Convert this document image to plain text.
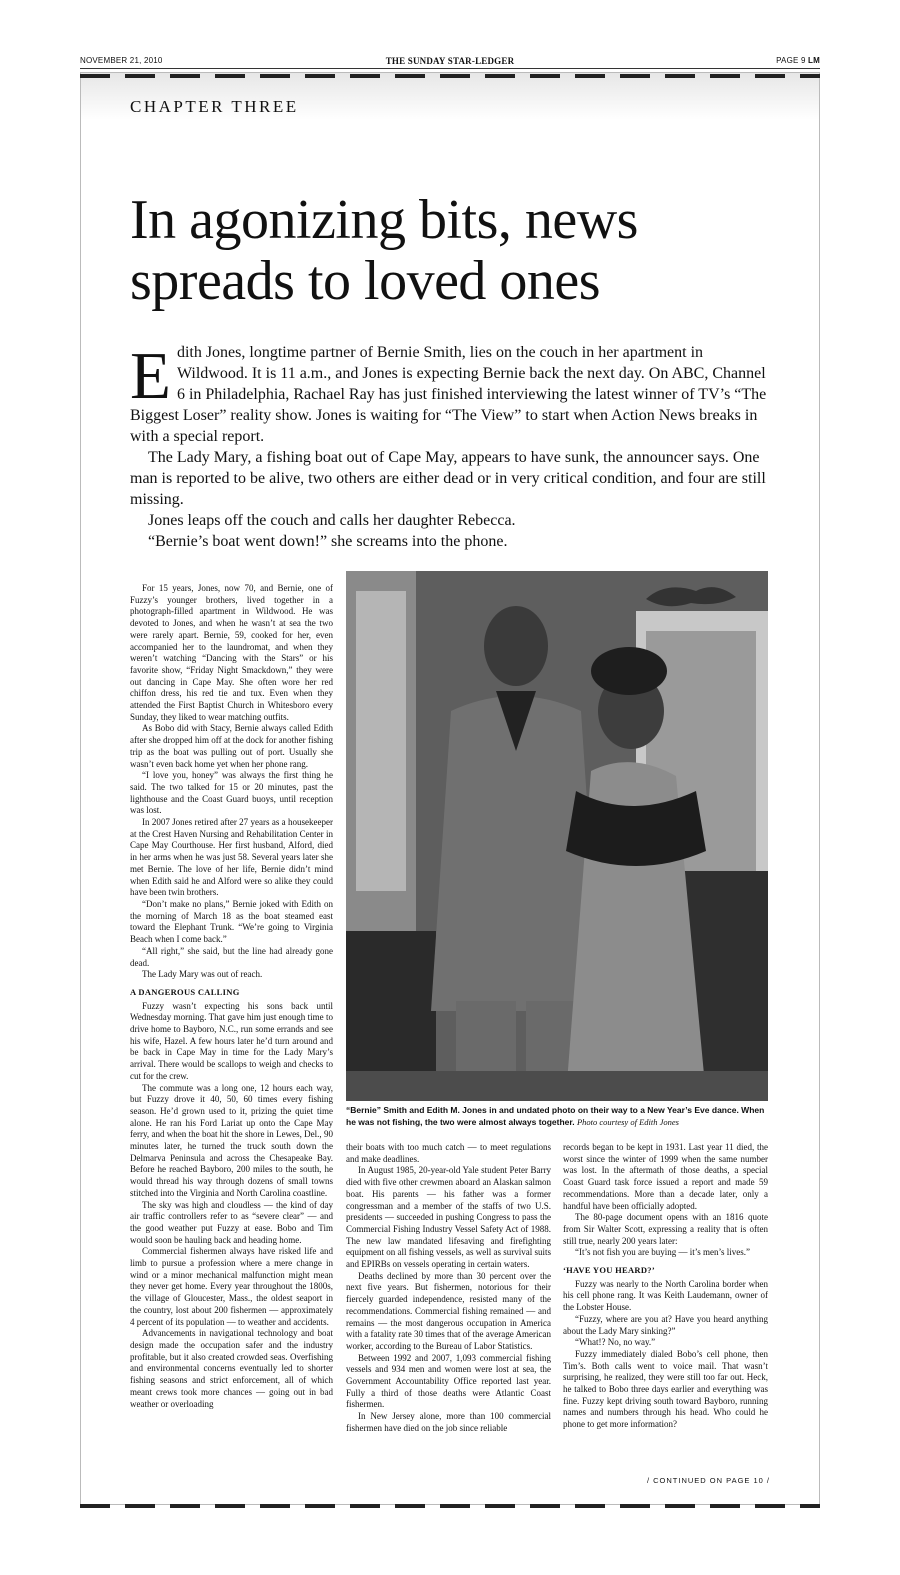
NOVEMBER 21, 2010	THE SUNDAY STAR-LEDGER	PAGE 9 LM
CHAPTER THREE
In agonizing bits, news spreads to loved ones

Edith Jones, longtime partner of Bernie Smith, lies on the couch in her apartment in Wildwood. It is 11 a.m., and Jones is expecting Bernie back the next day. On ABC, Channel 6 in Philadelphia, Rachael Ray has just finished interviewing the latest winner of TV’s “The Biggest Loser” reality show. Jones is waiting for “The View” to start when Action News breaks in with a special report.

The Lady Mary, a fishing boat out of Cape May, appears to have sunk, the announcer says. One man is reported to be alive, two others are either dead or in very critical condition, and four are still missing.

Jones leaps off the couch and calls her daughter Rebecca.

“Bernie’s boat went down!” she screams into the phone.

For 15 years, Jones, now 70, and Bernie, one of Fuzzy’s younger brothers, lived together in a photograph-filled apartment in Wildwood. He was devoted to Jones, and when he wasn’t at sea the two were rarely apart. Bernie, 59, cooked for her, even accompanied her to the laundromat, and when they weren’t watching “Dancing with the Stars” or his favorite show, “Friday Night Smackdown,” they were out dancing in Cape May. She often wore her red chiffon dress, his red tie and tux. Even when they attended the First Baptist Church in Whitesboro every Sunday, they liked to wear matching outfits.

As Bobo did with Stacy, Bernie always called Edith after she dropped him off at the dock for another fishing trip as the boat was pulling out of port. Usually she wasn’t even back home yet when her phone rang.

“I love you, honey” was always the first thing he said. The two talked for 15 or 20 minutes, past the lighthouse and the Coast Guard buoys, until reception was lost.

In 2007 Jones retired after 27 years as a housekeeper at the Crest Haven Nursing and Rehabilitation Center in Cape May Courthouse. Her first husband, Alford, died in her arms when he was just 58. Several years later she met Bernie. The love of her life, Bernie didn’t mind when Edith said he and Alford were so alike they could have been twin brothers.

“Don’t make no plans,” Bernie joked with Edith on the morning of March 18 as the boat steamed east toward the Elephant Trunk. “We’re going to Virginia Beach when I come back.”

“All right,” she said, but the line had already gone dead.

The Lady Mary was out of reach.

A DANGEROUS CALLING

Fuzzy wasn’t expecting his sons back until Wednesday morning. That gave him just enough time to drive home to Bayboro, N.C., run some errands and see his wife, Hazel. A few hours later he’d turn around and be back in Cape May in time for the Lady Mary’s arrival. There would be scallops to weigh and checks to cut for the crew.

The commute was a long one, 12 hours each way, but Fuzzy drove it 40, 50, 60 times every fishing season. He’d grown used to it, prizing the quiet time alone. He ran his Ford Lariat up onto the Cape May ferry, and when the boat hit the shore in Lewes, Del., 90 minutes later, he turned the truck south down the Delmarva Peninsula and across the Chesapeake Bay. Before he reached Bayboro, 200 miles to the south, he would thread his way through dozens of small towns stitched into the Virginia and North Carolina coastline.

The sky was high and cloudless — the kind of day air traffic controllers refer to as “severe clear” — and the good weather put Fuzzy at ease. Bobo and Tim would soon be hauling back and heading home.

Commercial fishermen always have risked life and limb to pursue a profession where a mere change in wind or a minor mechanical malfunction might mean they never get home. Every year throughout the 1800s, the village of Gloucester, Mass., the oldest seaport in the country, lost about 200 fishermen — approximately 4 percent of its population — to weather and accidents.

Advancements in navigational technology and boat design made the occupation safer and the industry profitable, but it also created crowded seas. Overfishing and environmental concerns eventually led to shorter fishing seasons and strict enforcement, all of which meant crews took more chances — going out in bad weather or overloading

“Bernie” Smith and Edith M. Jones in and undated photo on their way to a New Year’s Eve dance. When he was not fishing, the two were almost always together. Photo courtesy of Edith Jones

their boats with too much catch — to meet regulations and make deadlines.

In August 1985, 20-year-old Yale student Peter Barry died with five other crewmen aboard an Alaskan salmon boat. His parents — his father was a former congressman and a member of the staffs of two U.S. presidents — succeeded in pushing Congress to pass the Commercial Fishing Industry Vessel Safety Act of 1988. The new law mandated lifesaving and firefighting equipment on all fishing vessels, as well as survival suits and EPIRBs on vessels operating in certain waters.

Deaths declined by more than 30 percent over the next five years. But fishermen, notorious for their fiercely guarded independence, resisted many of the recommendations. Commercial fishing remained — and remains — the most dangerous occupation in America with a fatality rate 30 times that of the average American worker, according to the Bureau of Labor Statistics.

Between 1992 and 2007, 1,093 commercial fishing vessels and 934 men and women were lost at sea, the Government Accountability Office reported last year. Fully a third of those deaths were Atlantic Coast fishermen.

In New Jersey alone, more than 100 commercial fishermen have died on the job since reliable

records began to be kept in 1931. Last year 11 died, the worst since the winter of 1999 when the same number was lost. In the aftermath of those deaths, a special Coast Guard task force issued a report and made 59 recommendations. More than a decade later, only a handful have been officially adopted.

The 80-page document opens with an 1816 quote from Sir Walter Scott, expressing a reality that is often still true, nearly 200 years later:

“It’s not fish you are buying — it’s men’s lives.”

‘HAVE YOU HEARD?’

Fuzzy was nearly to the North Carolina border when his cell phone rang. It was Keith Laudemann, owner of the Lobster House.

“Fuzzy, where are you at? Have you heard anything about the Lady Mary sinking?”

“What!? No, no way.”

Fuzzy immediately dialed Bobo’s cell phone, then Tim’s. Both calls went to voice mail. That wasn’t surprising, he realized, they were still too far out. Heck, he talked to Bobo three days earlier and everything was fine. Fuzzy kept driving south toward Bayboro, running names and numbers through his head. Who could he phone to get more information?

/ CONTINUED ON PAGE 10 /
